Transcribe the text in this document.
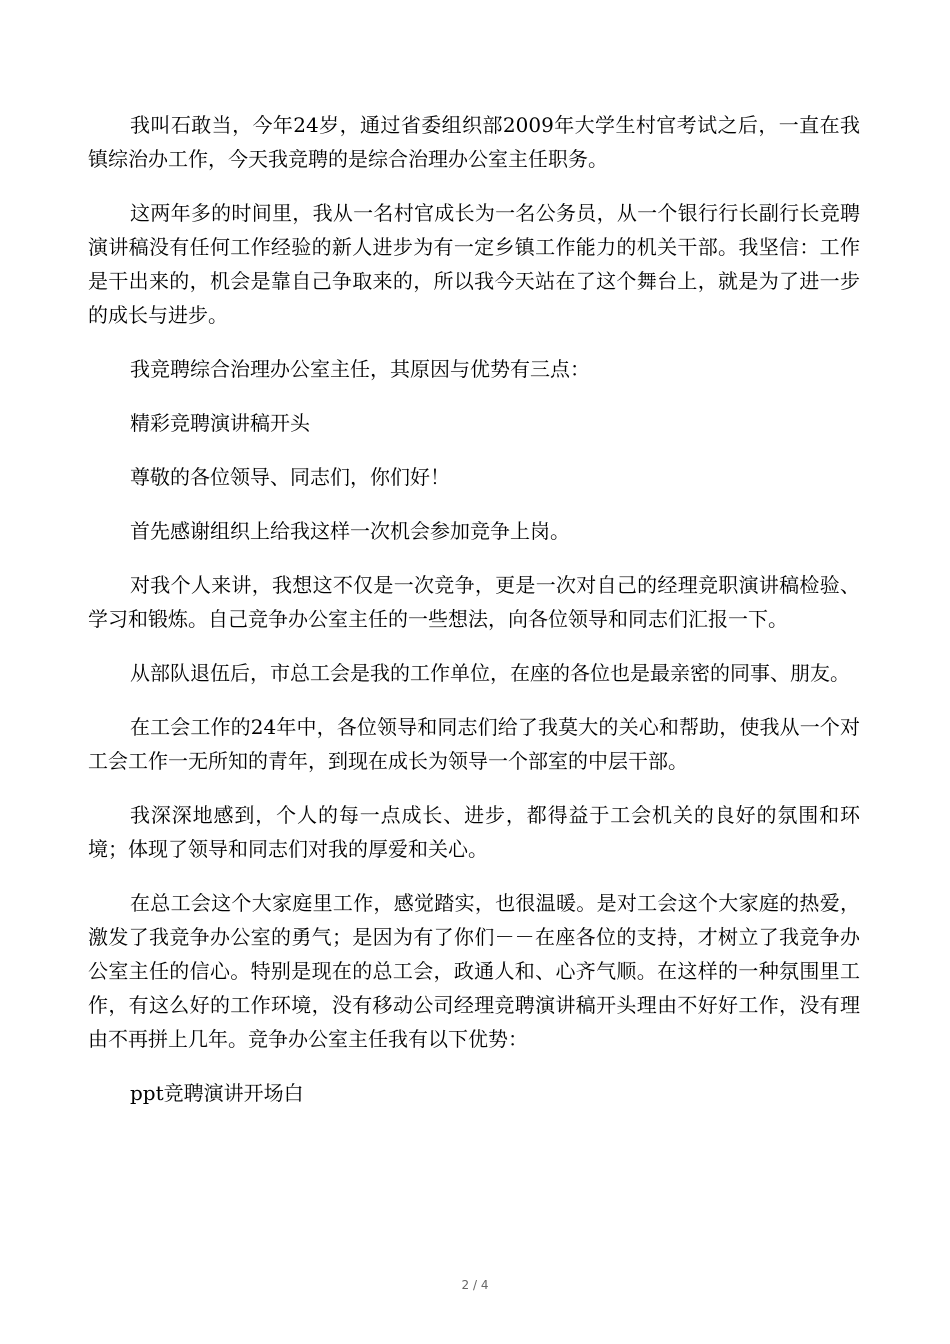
我叫石敢当，今年24岁，通过省委组织部2009年大学生村官考试之后，一直在我镇综治办工作，今天我竞聘的是综合治理办公室主任职务。

这两年多的时间里，我从一名村官成长为一名公务员，从一个银行行长副行长竞聘演讲稿没有任何工作经验的新人进步为有一定乡镇工作能力的机关干部。我坚信：工作是干出来的，机会是靠自己争取来的，所以我今天站在了这个舞台上，就是为了进一步的成长与进步。

我竞聘综合治理办公室主任，其原因与优势有三点：

精彩竞聘演讲稿开头

尊敬的各位领导、同志们，你们好！

首先感谢组织上给我这样一次机会参加竞争上岗。

对我个人来讲，我想这不仅是一次竞争，更是一次对自己的经理竞职演讲稿检验、学习和锻炼。自己竞争办公室主任的一些想法，向各位领导和同志们汇报一下。

从部队退伍后，市总工会是我的工作单位，在座的各位也是最亲密的同事、朋友。

在工会工作的24年中，各位领导和同志们给了我莫大的关心和帮助，使我从一个对工会工作一无所知的青年，到现在成长为领导一个部室的中层干部。

我深深地感到，个人的每一点成长、进步，都得益于工会机关的良好的氛围和环境；体现了领导和同志们对我的厚爱和关心。

在总工会这个大家庭里工作，感觉踏实，也很温暖。是对工会这个大家庭的热爱，激发了我竞争办公室的勇气；是因为有了你们－－在座各位的支持，才树立了我竞争办公室主任的信心。特别是现在的总工会，政通人和、心齐气顺。在这样的一种氛围里工作，有这么好的工作环境，没有移动公司经理竞聘演讲稿开头理由不好好工作，没有理由不再拼上几年。竞争办公室主任我有以下优势：

ppt竞聘演讲开场白

2 / 4
